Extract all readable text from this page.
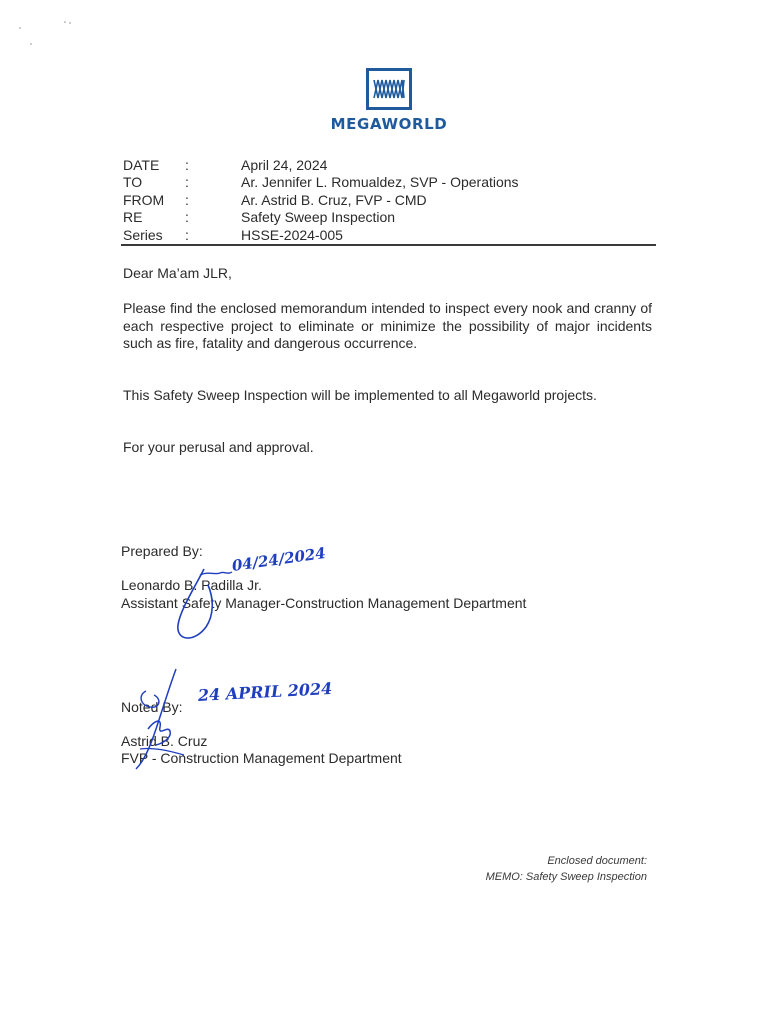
MEGAWORLD
DATE	:	April 24, 2024
TO	:	Ar. Jennifer L. Romualdez, SVP - Operations
FROM	:	Ar. Astrid B. Cruz, FVP - CMD
RE	:	Safety Sweep Inspection
Series	:	HSSE-2024-005
Dear Ma’am JLR,
Please find the enclosed memorandum intended to inspect every nook and cranny of each respective project to eliminate or minimize the possibility of major incidents such as fire, fatality and dangerous occurrence.
This Safety Sweep Inspection will be implemented to all Megaworld projects.
For your perusal and approval.
Prepared By:
Leonardo B. Padilla Jr.
Assistant Safety Manager-Construction Management Department
04/24/2024
Noted By:
Astrid B. Cruz
FVP - Construction Management Department
24 APRIL 2024
Enclosed document:
MEMO: Safety Sweep Inspection
